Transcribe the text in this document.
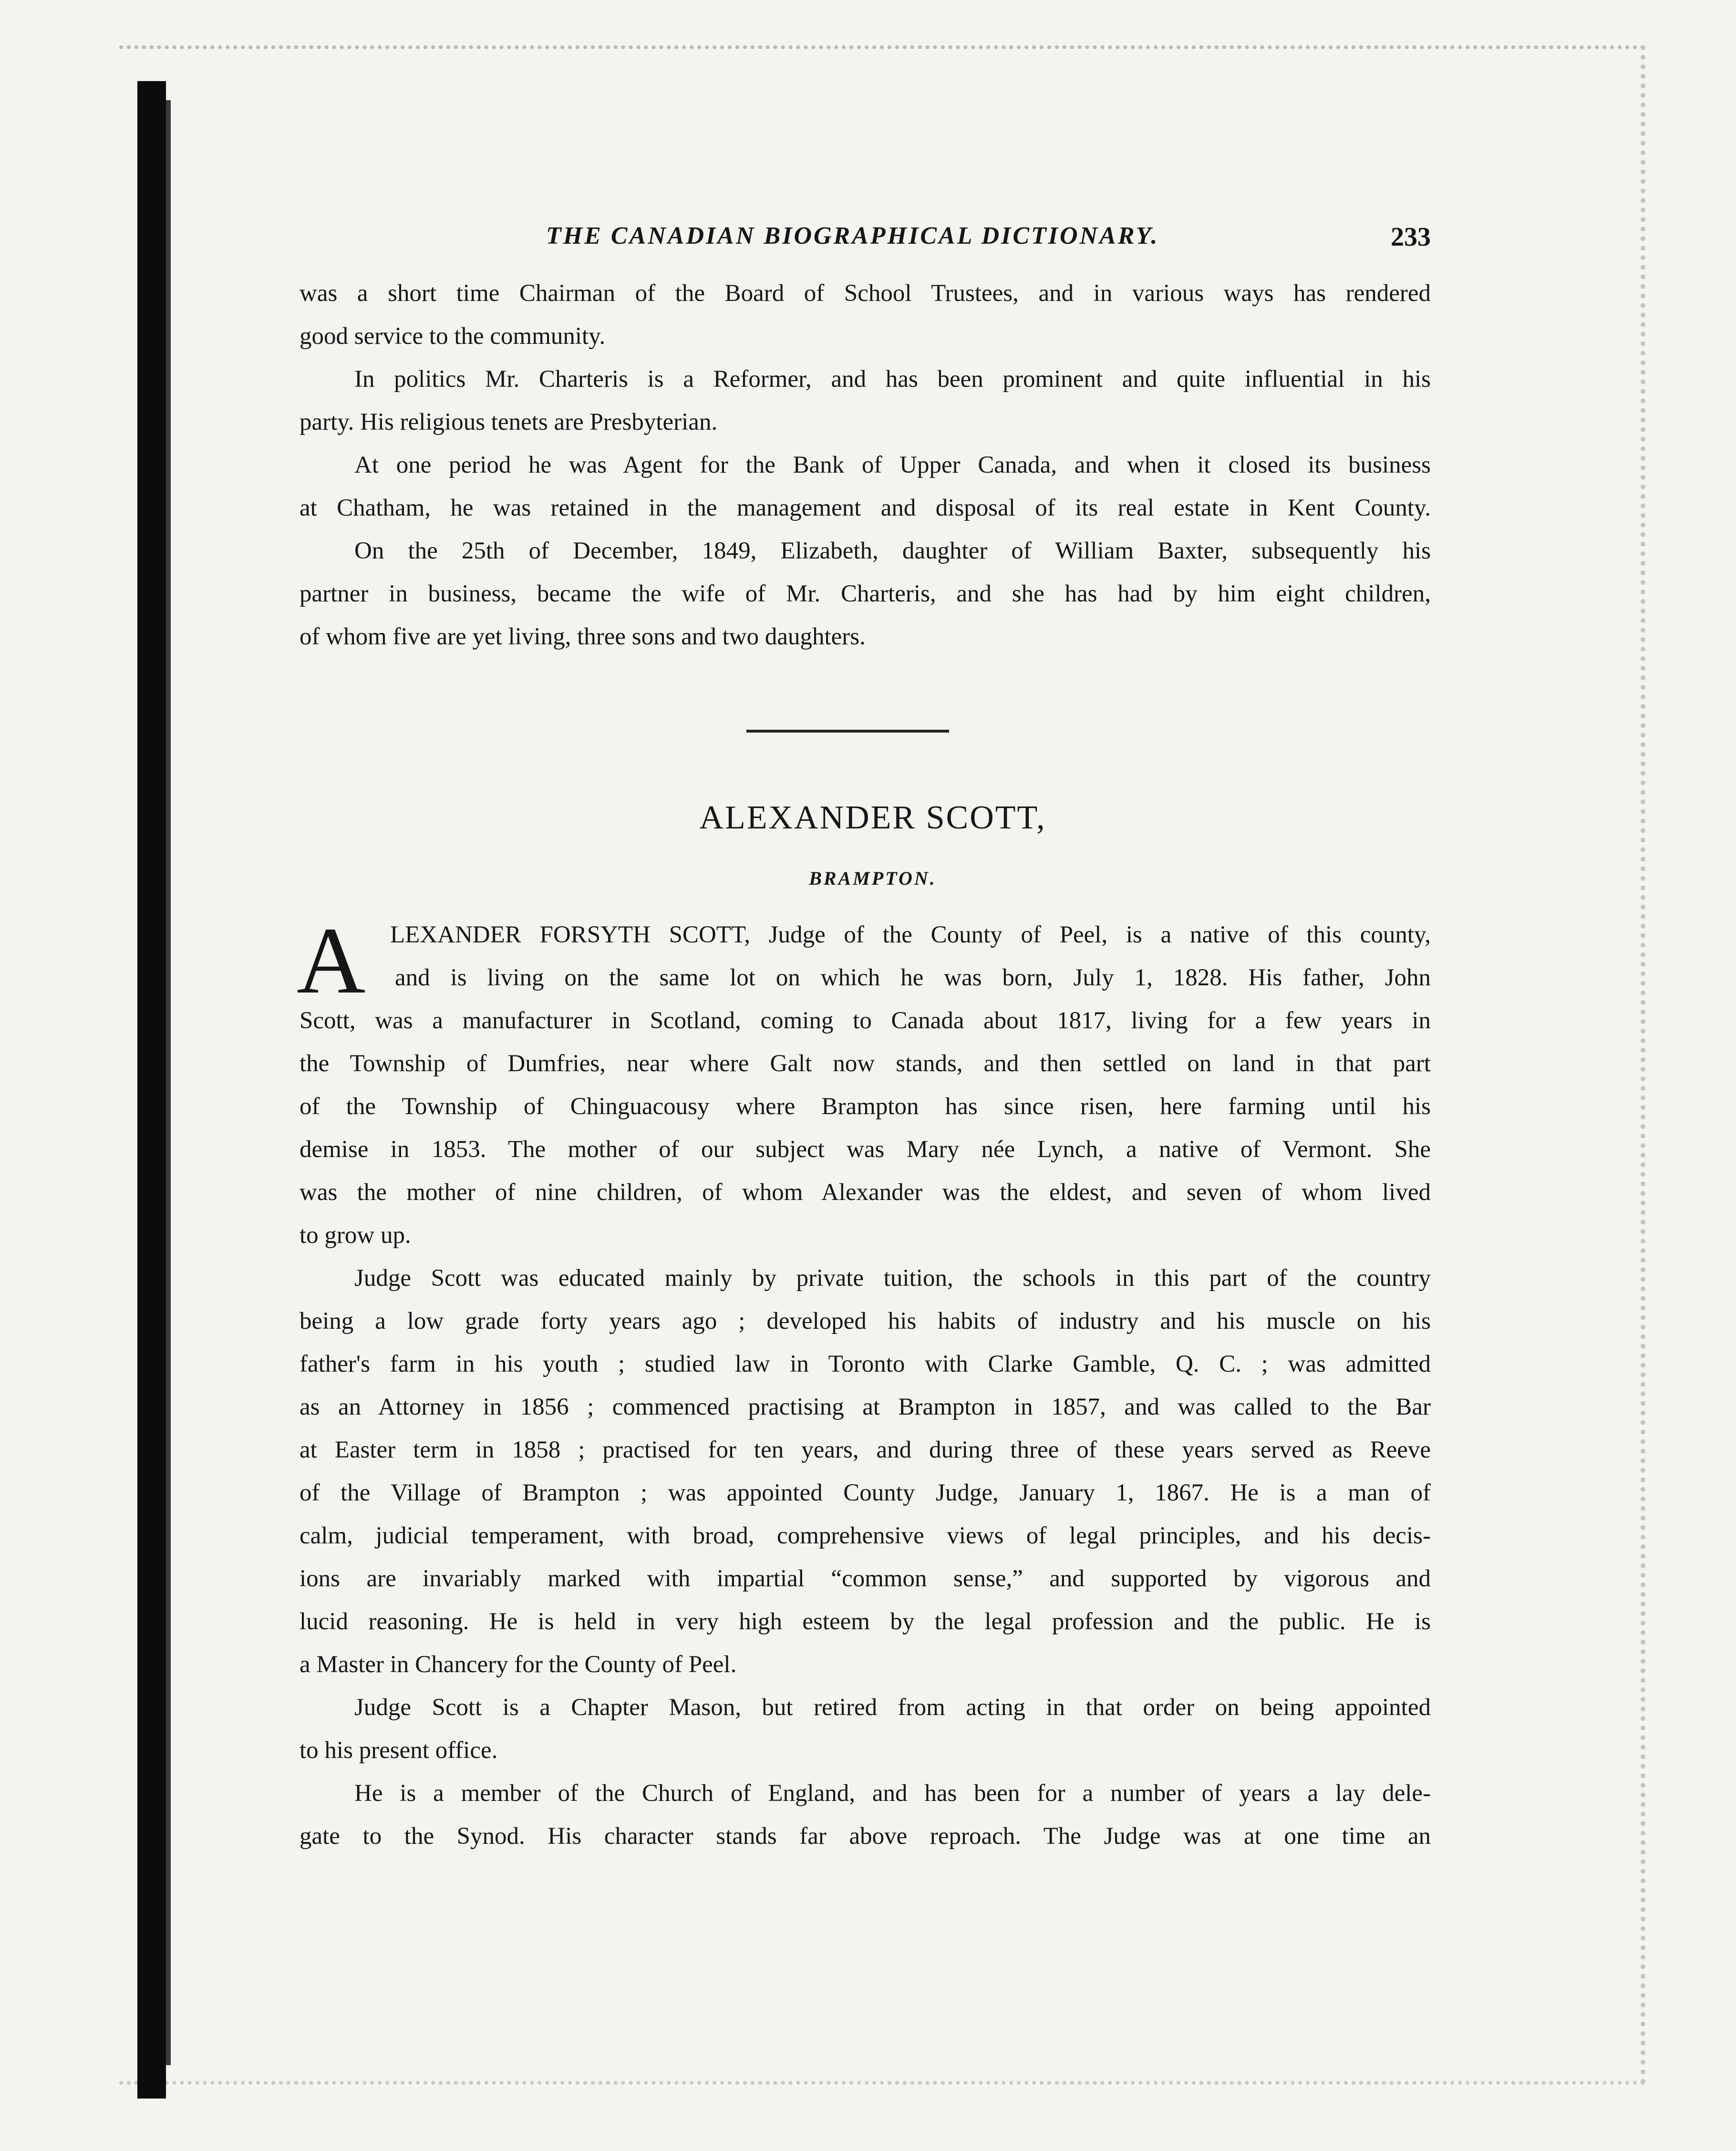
THE CANADIAN BIOGRAPHICAL DICTIONARY.	233
was a short time Chairman of the Board of School Trustees, and in various ways has rendered
good service to the community.
In politics Mr. Charteris is a Reformer, and has been prominent and quite influential in his
party. His religious tenets are Presbyterian.
At one period he was Agent for the Bank of Upper Canada, and when it closed its business
at Chatham, he was retained in the management and disposal of its real estate in Kent County.
On the 25th of December, 1849, Elizabeth, daughter of William Baxter, subsequently his
partner in business, became the wife of Mr. Charteris, and she has had by him eight children,
of whom five are yet living, three sons and two daughters.
ALEXANDER SCOTT,
BRAMPTON.
A LEXANDER FORSYTH SCOTT, Judge of the County of Peel, is a native of this county,
and is living on the same lot on which he was born, July 1, 1828. His father, John
Scott, was a manufacturer in Scotland, coming to Canada about 1817, living for a few years in
the Township of Dumfries, near where Galt now stands, and then settled on land in that part
of the Township of Chinguacousy where Brampton has since risen, here farming until his
demise in 1853. The mother of our subject was Mary née Lynch, a native of Vermont. She
was the mother of nine children, of whom Alexander was the eldest, and seven of whom lived
to grow up.
Judge Scott was educated mainly by private tuition, the schools in this part of the country
being a low grade forty years ago ; developed his habits of industry and his muscle on his
father's farm in his youth ; studied law in Toronto with Clarke Gamble, Q. C. ; was admitted
as an Attorney in 1856 ; commenced practising at Brampton in 1857, and was called to the Bar
at Easter term in 1858 ; practised for ten years, and during three of these years served as Reeve
of the Village of Brampton ; was appointed County Judge, January 1, 1867. He is a man of
calm, judicial temperament, with broad, comprehensive views of legal principles, and his decis-
ions are invariably marked with impartial “common sense,” and supported by vigorous and
lucid reasoning. He is held in very high esteem by the legal profession and the public. He is
a Master in Chancery for the County of Peel.
Judge Scott is a Chapter Mason, but retired from acting in that order on being appointed
to his present office.
He is a member of the Church of England, and has been for a number of years a lay dele-
gate to the Synod. His character stands far above reproach. The Judge was at one time an
